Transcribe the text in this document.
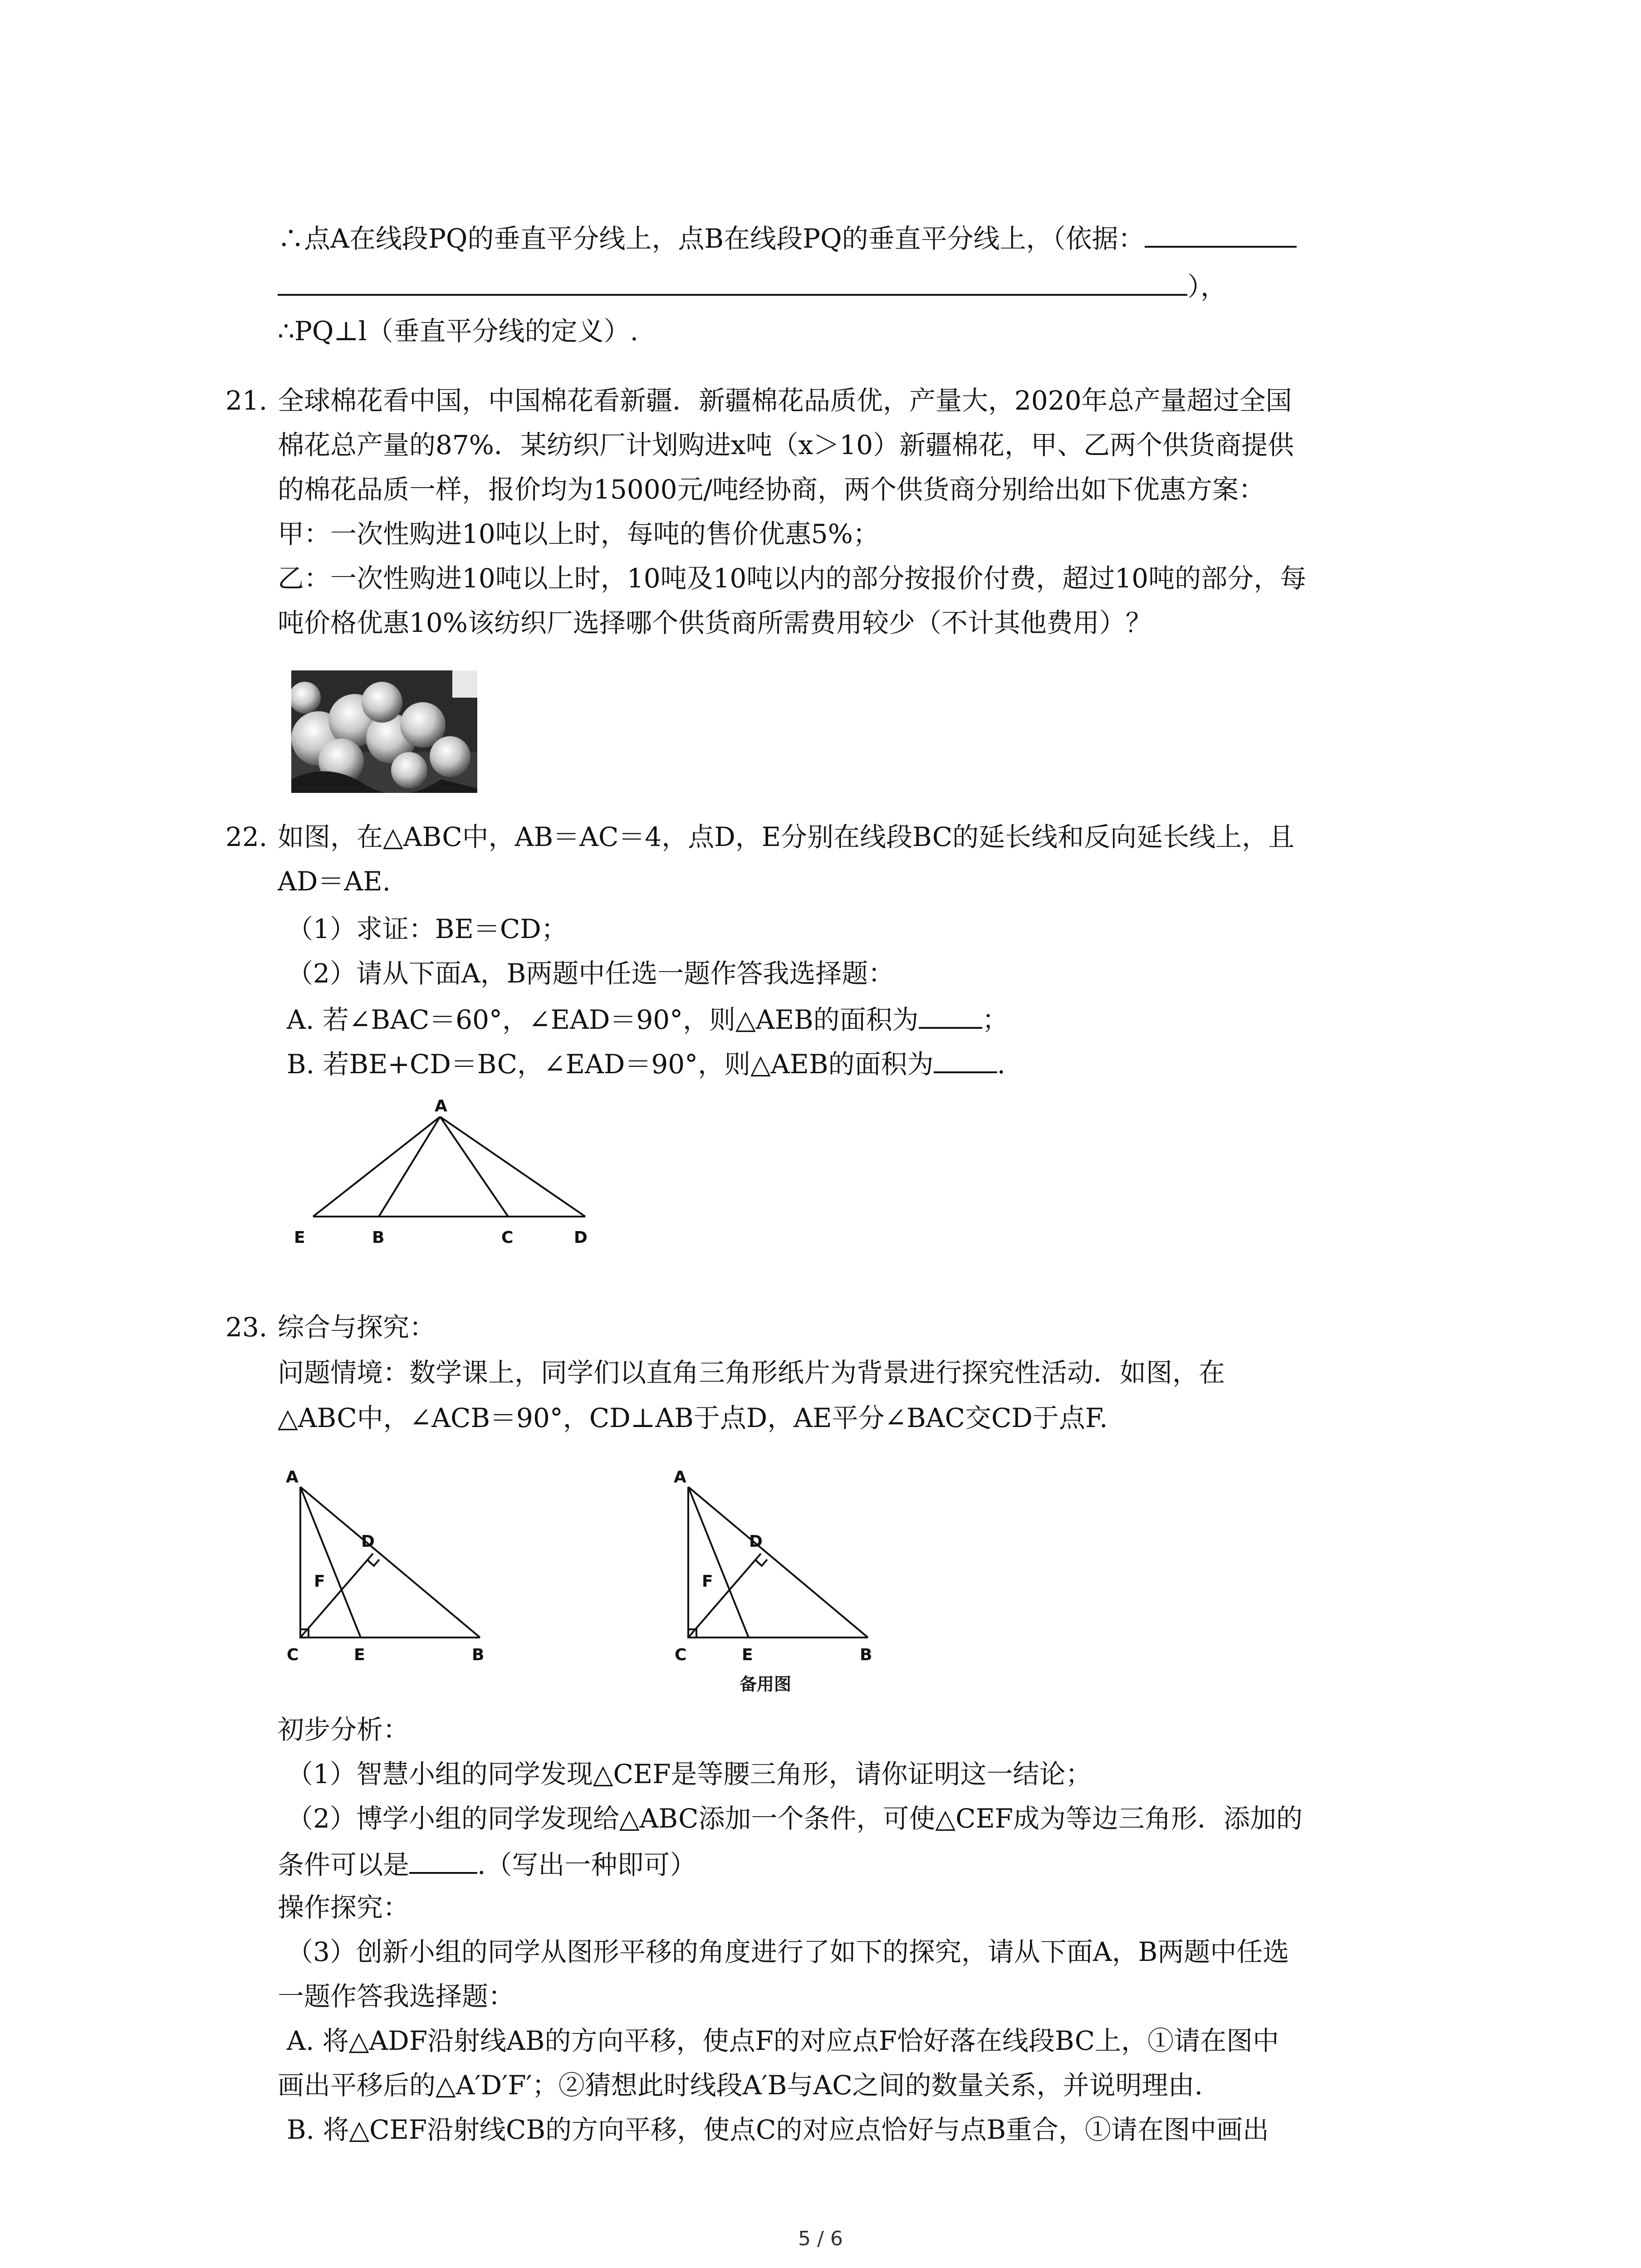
∴点A在线段PQ的垂直平分线上，点B在线段PQ的垂直平分线上，（依据：
），
∴PQ⊥l（垂直平分线的定义）.
21. 全球棉花看中国，中国棉花看新疆．新疆棉花品质优，产量大，2020年总产量超过全国
棉花总产量的87%．某纺织厂计划购进x吨（x＞10）新疆棉花，甲、乙两个供货商提供
的棉花品质一样，报价均为15000元/吨经协商，两个供货商分别给出如下优惠方案：
甲：一次性购进10吨以上时，每吨的售价优惠5%；
乙：一次性购进10吨以上时，10吨及10吨以内的部分按报价付费，超过10吨的部分，每
吨价格优惠10%该纺织厂选择哪个供货商所需费用较少（不计其他费用）？
22. 如图，在△ABC中，AB＝AC＝4，点D，E分别在线段BC的延长线和反向延长线上，且
AD＝AE.
（1）求证：BE＝CD；
（2）请从下面A，B两题中任选一题作答我选择题：
A. 若∠BAC＝60°，∠EAD＝90°，则△AEB的面积为 ；
B. 若BE+CD＝BC，∠EAD＝90°，则△AEB的面积为 .
A
E	B	C	D
23. 综合与探究：
问题情境：数学课上，同学们以直角三角形纸片为背景进行探究性活动．如图，在
△ABC中，∠ACB＝90°，CD⊥AB于点D，AE平分∠BAC交CD于点F.
A
D
F
C	E	B
A
D
F
C	E	B
备用图
初步分析：
（1）智慧小组的同学发现△CEF是等腰三角形，请你证明这一结论；
（2）博学小组的同学发现给△ABC添加一个条件，可使△CEF成为等边三角形．添加的
条件可以是	.（写出一种即可）
操作探究：
（3）创新小组的同学从图形平移的角度进行了如下的探究，请从下面A，B两题中任选
一题作答我选择题：
A. 将△ADF沿射线AB的方向平移，使点F的对应点F恰好落在线段BC上，①请在图中
画出平移后的△A′D′F′；②猜想此时线段A′B与AC之间的数量关系，并说明理由.
B. 将△CEF沿射线CB的方向平移，使点C的对应点恰好与点B重合，①请在图中画出
5 / 6
